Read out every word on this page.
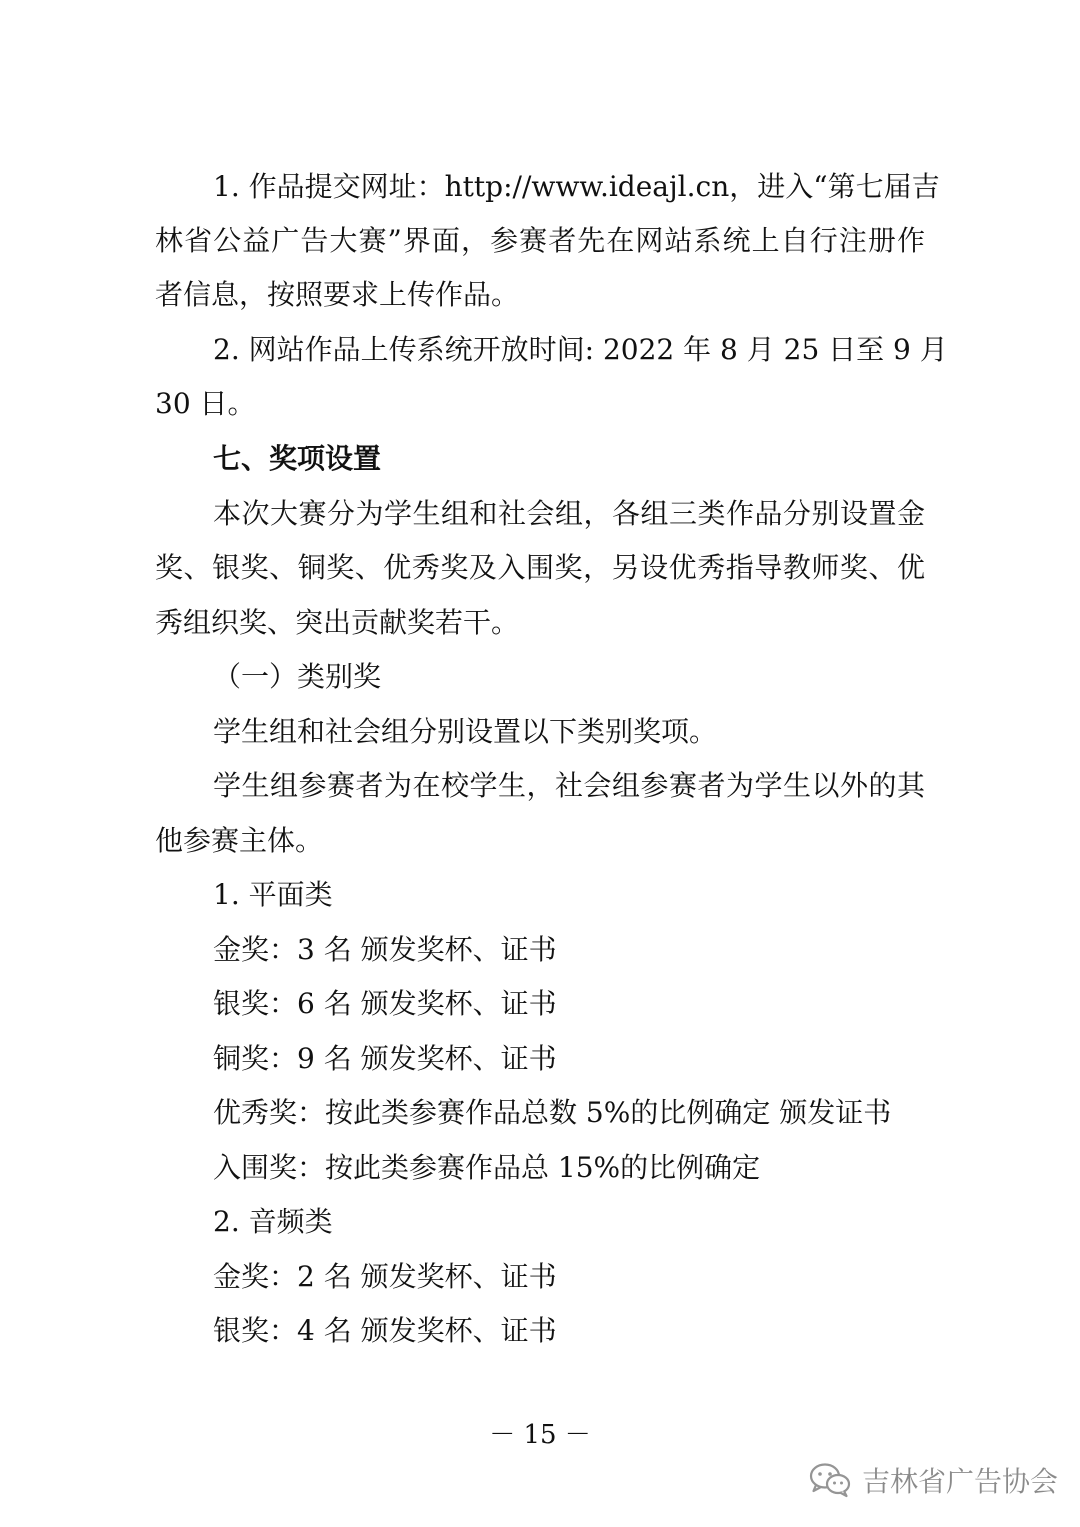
1. 作品提交网址：http://www.ideajl.cn，进入“第七届吉
林省公益广告大赛”界面，参赛者先在网站系统上自行注册作
者信息，按照要求上传作品。
2. 网站作品上传系统开放时间: 2022 年 8 月 25 日至 9 月
30 日。
七、奖项设置
本次大赛分为学生组和社会组，各组三类作品分别设置金
奖、银奖、铜奖、优秀奖及入围奖，另设优秀指导教师奖、优
秀组织奖、突出贡献奖若干。
（一）类别奖
学生组和社会组分别设置以下类别奖项。
学生组参赛者为在校学生，社会组参赛者为学生以外的其
他参赛主体。
1. 平面类
金奖：3 名 颁发奖杯、证书
银奖：6 名 颁发奖杯、证书
铜奖：9 名 颁发奖杯、证书
优秀奖：按此类参赛作品总数 5%的比例确定 颁发证书
入围奖：按此类参赛作品总 15%的比例确定
2. 音频类
金奖：2 名 颁发奖杯、证书
银奖：4 名 颁发奖杯、证书
－ 15 －
吉林省广告协会
